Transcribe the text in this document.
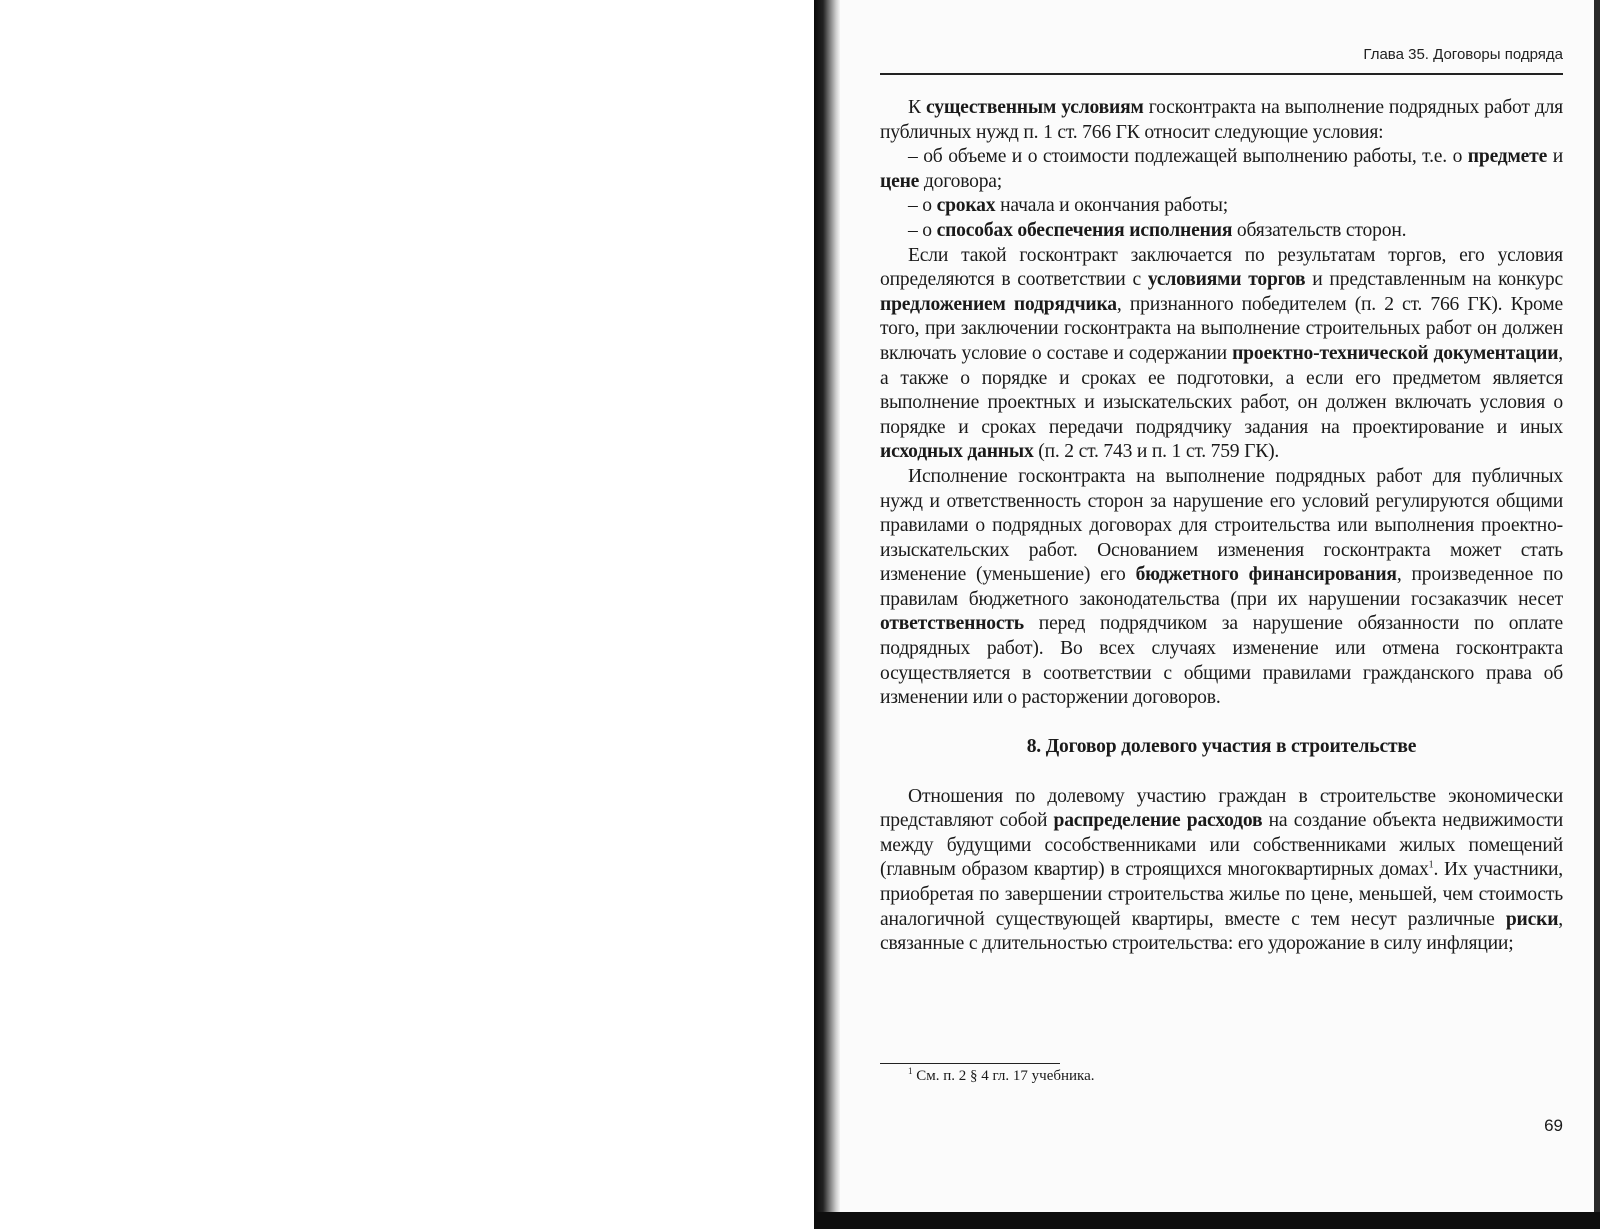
Глава 35. Договоры подряда

К существенным условиям госконтракта на выполнение подрядных работ для публичных нужд п. 1 ст. 766 ГК относит следующие условия:

– об объеме и о стоимости подлежащей выполнению работы, т.е. о предмете и цене договора;

– о сроках начала и окончания работы;

– о способах обеспечения исполнения обязательств сторон.

Если такой госконтракт заключается по результатам торгов, его условия определяются в соответствии с условиями торгов и представленным на конкурс предложением подрядчика, признанного победителем (п. 2 ст. 766 ГК). Кроме того, при заключении госконтракта на выполнение строительных работ он должен включать условие о составе и содержании проектно-технической документации, а также о порядке и сроках ее подготовки, а если его предметом является выполнение проектных и изыскательских работ, он должен включать условия о порядке и сроках передачи подрядчику задания на проектирование и иных исходных данных (п. 2 ст. 743 и п. 1 ст. 759 ГК).

Исполнение госконтракта на выполнение подрядных работ для публичных нужд и ответственность сторон за нарушение его условий регулируются общими правилами о подрядных договорах для строительства или выполнения проектно-изыскательских работ. Основанием изменения госконтракта может стать изменение (уменьшение) его бюджетного финансирования, произведенное по правилам бюджетного законодательства (при их нарушении госзаказчик несет ответственность перед подрядчиком за нарушение обязанности по оплате подрядных работ). Во всех случаях изменение или отмена госконтракта осуществляется в соответствии с общими правилами гражданского права об изменении или о расторжении договоров.

8. Договор долевого участия в строительстве

Отношения по долевому участию граждан в строительстве экономически представляют собой распределение расходов на создание объекта недвижимости между будущими сособственниками или собственниками жилых помещений (главным образом квартир) в строящихся многоквартирных домах$^1$. Их участники, приобретая по завершении строительства жилье по цене, меньшей, чем стоимость аналогичной существующей квартиры, вместе с тем несут различные риски, связанные с длительностью строительства: его удорожание в силу инфляции;

$^1$ См. п. 2 § 4 гл. 17 учебника.
69
